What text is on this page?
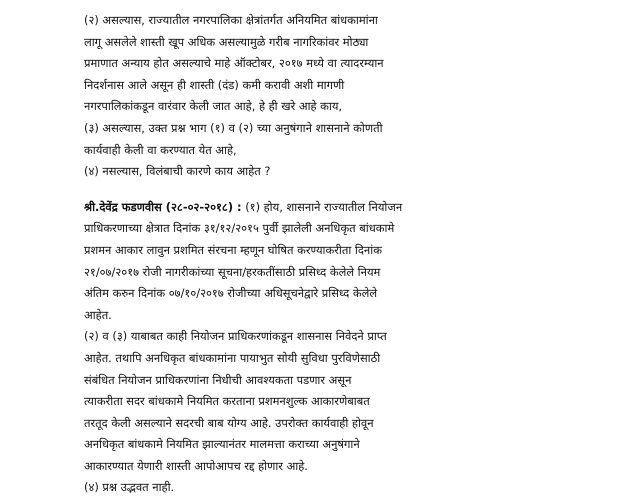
(२) असल्यास, राज्यातील नगरपालिका क्षेत्रांतर्गत अनियमित बांधकामांना
लागू असलेले शास्ती खूप अधिक असल्यामुळे गरीब नागरिकांवर मोठ्या
प्रमाणात अन्याय होत असल्याचे माहे ऑक्टोबर, २०१७ मध्ये वा त्यादरम्यान
निदर्शनास आले असून ही शास्ती (दंड) कमी करावी अशी मागणी
नगरपालिकांकडून वारंवार केली जात आहे, हे ही खरे आहे काय,
(३) असल्यास, उक्त प्रश्न भाग (१) व (२) च्या अनुषंगाने शासनाने कोणती
कार्यवाही केली वा करण्यात येत आहे,
(४) नसल्यास, विलंबाची कारणे काय आहेत ?
श्री.देवेंद्र फडणवीस (२८-०२-२०१८) : (१) होय, शासनाने राज्यातील नियोजन
प्राधिकरणाच्या क्षेत्रात दिनांक ३१/१२/२०१५ पुर्वी झालेली अनधिकृत बांधकामे
प्रशमन आकार लावुन प्रशमित संरचना म्हणून घोषित करण्याकरीता दिनांक
२१/०७/२०१७ रोजी नागरीकांच्या सूचना/हरकतींसाठी प्रसिध्द केलेले नियम
अंतिम करुन दिनांक ०७/१०/२०१७ रोजीच्या अधिसूचनेद्वारे प्रसिध्द केलेले
आहेत.
(२) व (३) याबाबत काही नियोजन प्राधिकरणांकडून शासनास निवेदने प्राप्त
आहेत. तथापि अनधिकृत बांधकामांना पायाभुत सोयी सुविधा पुरविणेसाठी
संबंधित नियोजन प्राधिकरणांना निधीची आवश्यकता पडणार असून
त्याकरीता सदर बांधकामे नियमित करताना प्रशमनशुल्क आकारणेबाबत
तरतूद केली असल्याने सदरची बाब योग्य आहे. उपरोक्त कार्यवाही होवून
अनधिकृत बांधकामे नियमित झाल्यानंतर मालमत्ता कराच्या अनुषंगाने
आकारण्यात येणारी शास्ती आपोआपच रद्द होणार आहे.
(४) प्रश्न उद्भवत नाही.
